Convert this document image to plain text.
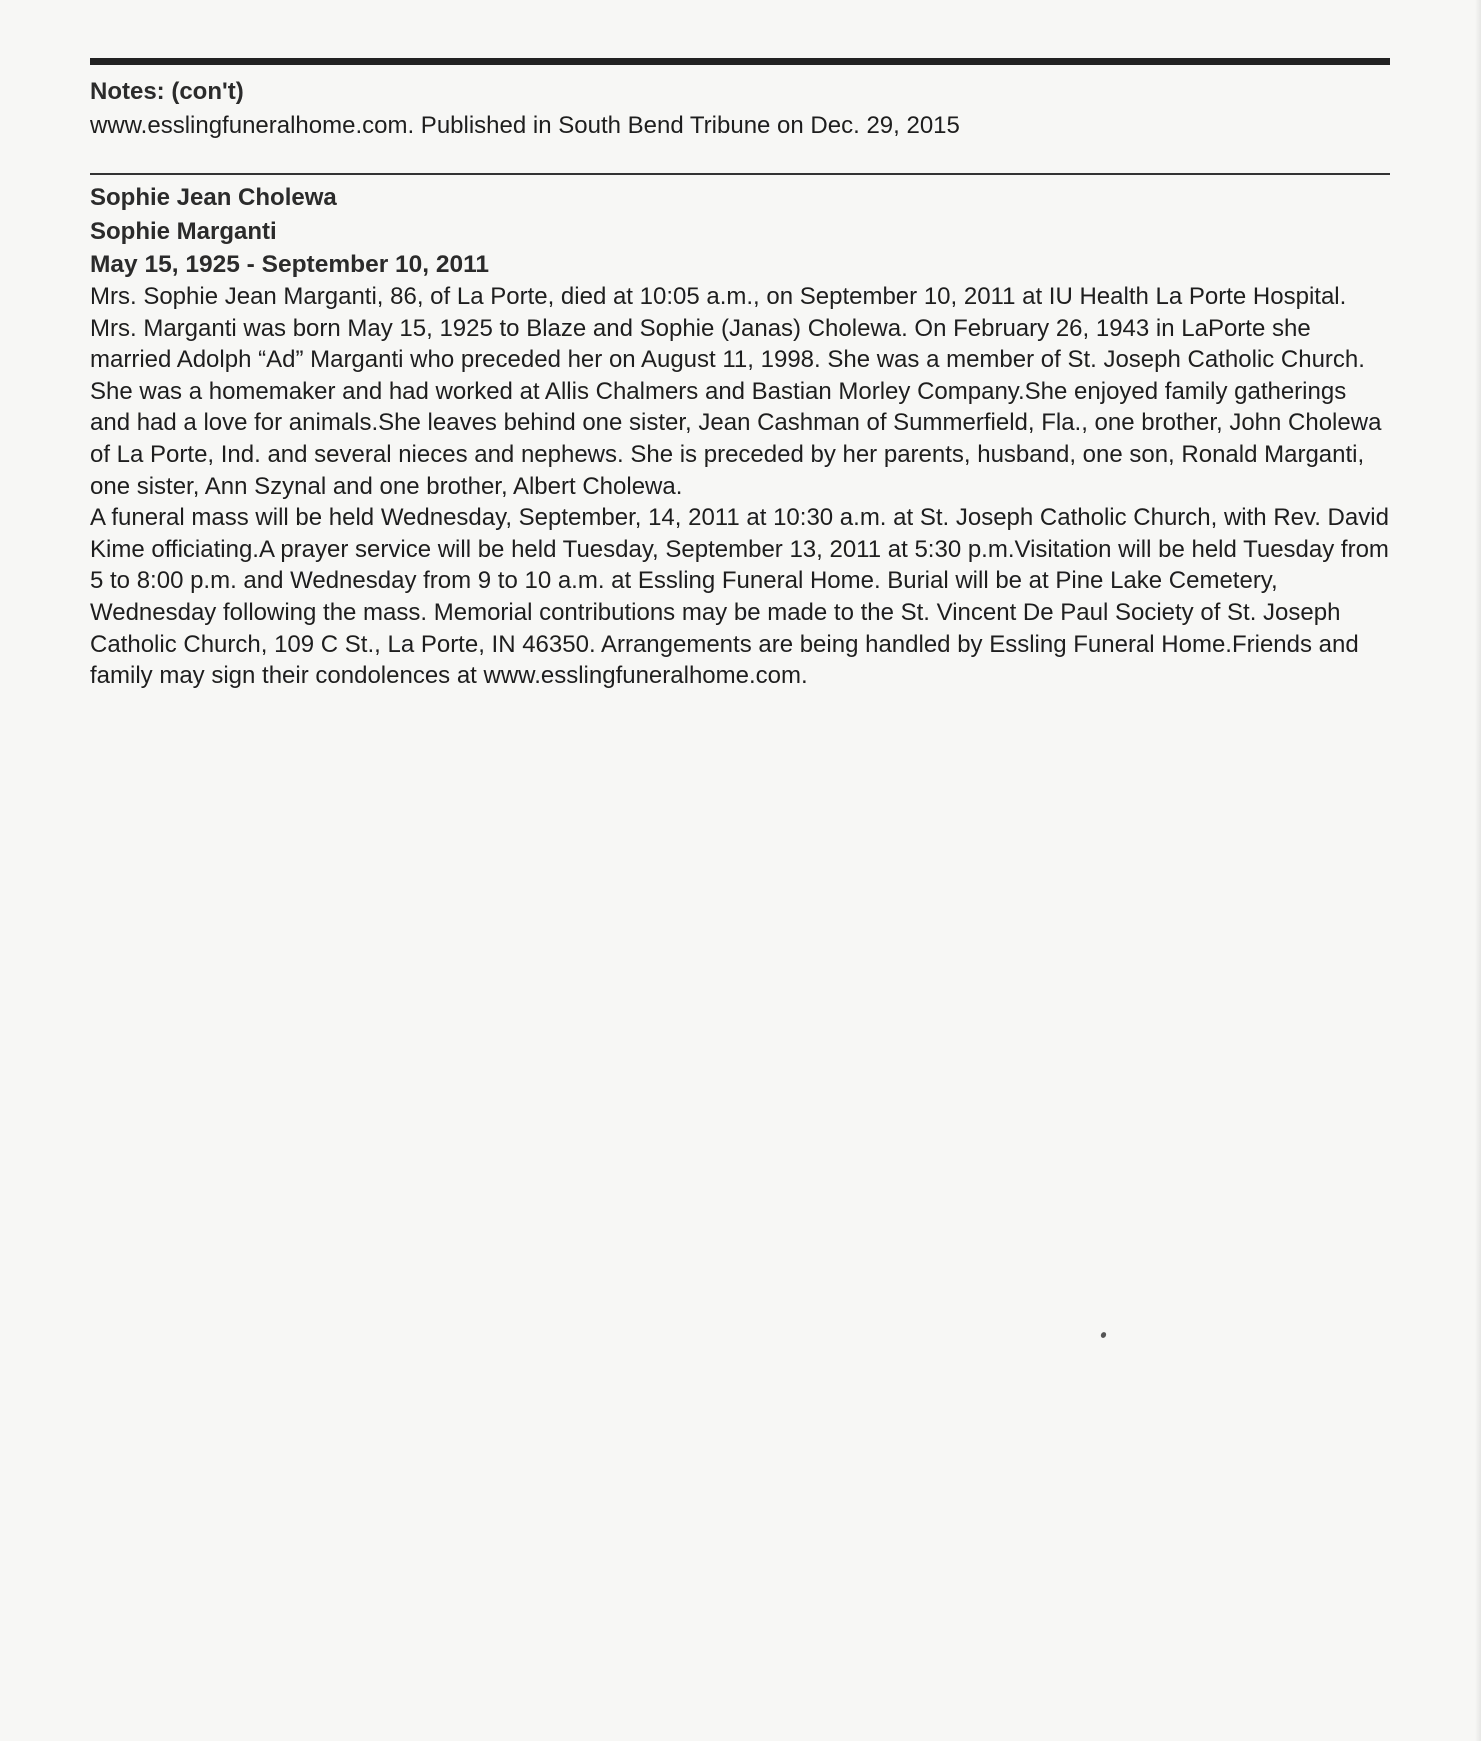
Notes: (con't)
www.esslingfuneralhome.com. Published in South Bend Tribune on Dec. 29, 2015
Sophie Jean Cholewa
Sophie Marganti
May 15, 1925 - September 10, 2011

Mrs. Sophie Jean Marganti, 86, of La Porte, died at 10:05 a.m., on September 10, 2011 at IU Health La Porte Hospital. Mrs. Marganti was born May 15, 1925 to Blaze and Sophie (Janas) Cholewa. On February 26, 1943 in LaPorte she married Adolph “Ad” Marganti who preceded her on August 11, 1998. She was a member of St. Joseph Catholic Church. She was a homemaker and had worked at Allis Chalmers and Bastian Morley Company.She enjoyed family gatherings and had a love for animals.She leaves behind one sister, Jean Cashman of Summerfield, Fla., one brother, John Cholewa of La Porte, Ind. and several nieces and nephews. She is preceded by her parents, husband, one son, Ronald Marganti, one sister, Ann Szynal and one brother, Albert Cholewa.

A funeral mass will be held Wednesday, September, 14, 2011 at 10:30 a.m. at St. Joseph Catholic Church, with Rev. David Kime officiating.A prayer service will be held Tuesday, September 13, 2011 at 5:30 p.m.Visitation will be held Tuesday from 5 to 8:00 p.m. and Wednesday from 9 to 10 a.m. at Essling Funeral Home. Burial will be at Pine Lake Cemetery, Wednesday following the mass. Memorial contributions may be made to the St. Vincent De Paul Society of St. Joseph Catholic Church, 109 C St., La Porte, IN 46350. Arrangements are being handled by Essling Funeral Home.Friends and family may sign their condolences at www.esslingfuneralhome.com.
